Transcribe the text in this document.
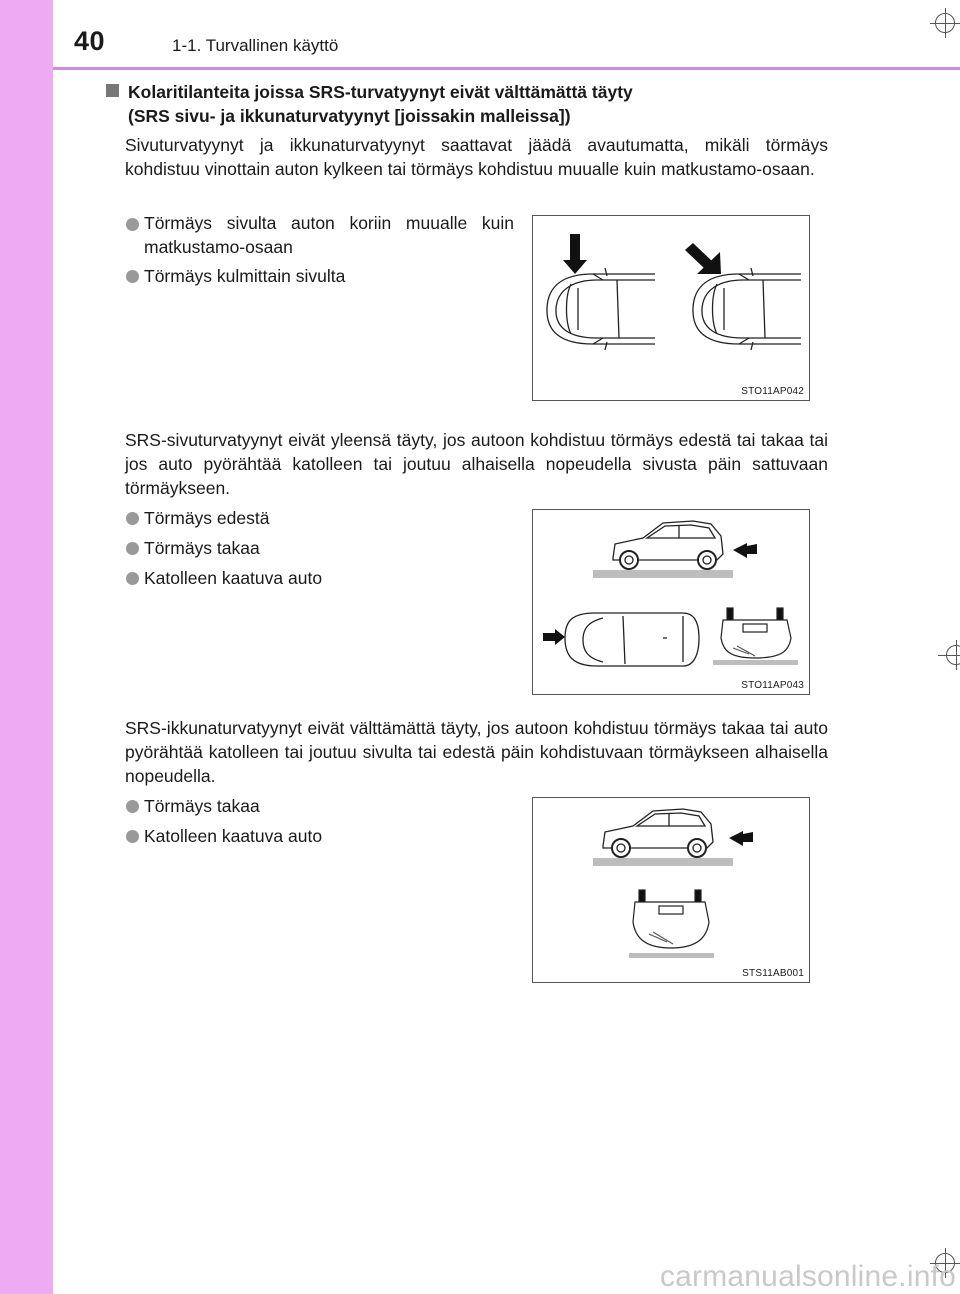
40	1-1. Turvallinen käyttö
Kolaritilanteita joissa SRS-turvatyynyt eivät välttämättä täyty
(SRS sivu- ja ikkunaturvatyynyt [joissakin malleissa])
Sivuturvatyynyt ja ikkunaturvatyynyt saattavat jäädä avautumatta, mikäli törmäys kohdistuu vinottain auton kylkeen tai törmäys kohdistuu muualle kuin matkustamo-osaan.
Törmäys sivulta auton koriin muualle kuin matkustamo-osaan
Törmäys kulmittain sivulta
STO11AP042
SRS-sivuturvatyynyt eivät yleensä täyty, jos autoon kohdistuu törmäys edestä tai takaa tai jos auto pyörähtää katolleen tai joutuu alhaisella nopeudella sivusta päin sattuvaan törmäykseen.
Törmäys edestä
Törmäys takaa
Katolleen kaatuva auto
STO11AP043
SRS-ikkunaturvatyynyt eivät välttämättä täyty, jos autoon kohdistuu törmäys takaa tai auto pyörähtää katolleen tai joutuu sivulta tai edestä päin kohdistuvaan törmäykseen alhaisella nopeudella.
Törmäys takaa
Katolleen kaatuva auto
STS11AB001
carmanualsonline.info
